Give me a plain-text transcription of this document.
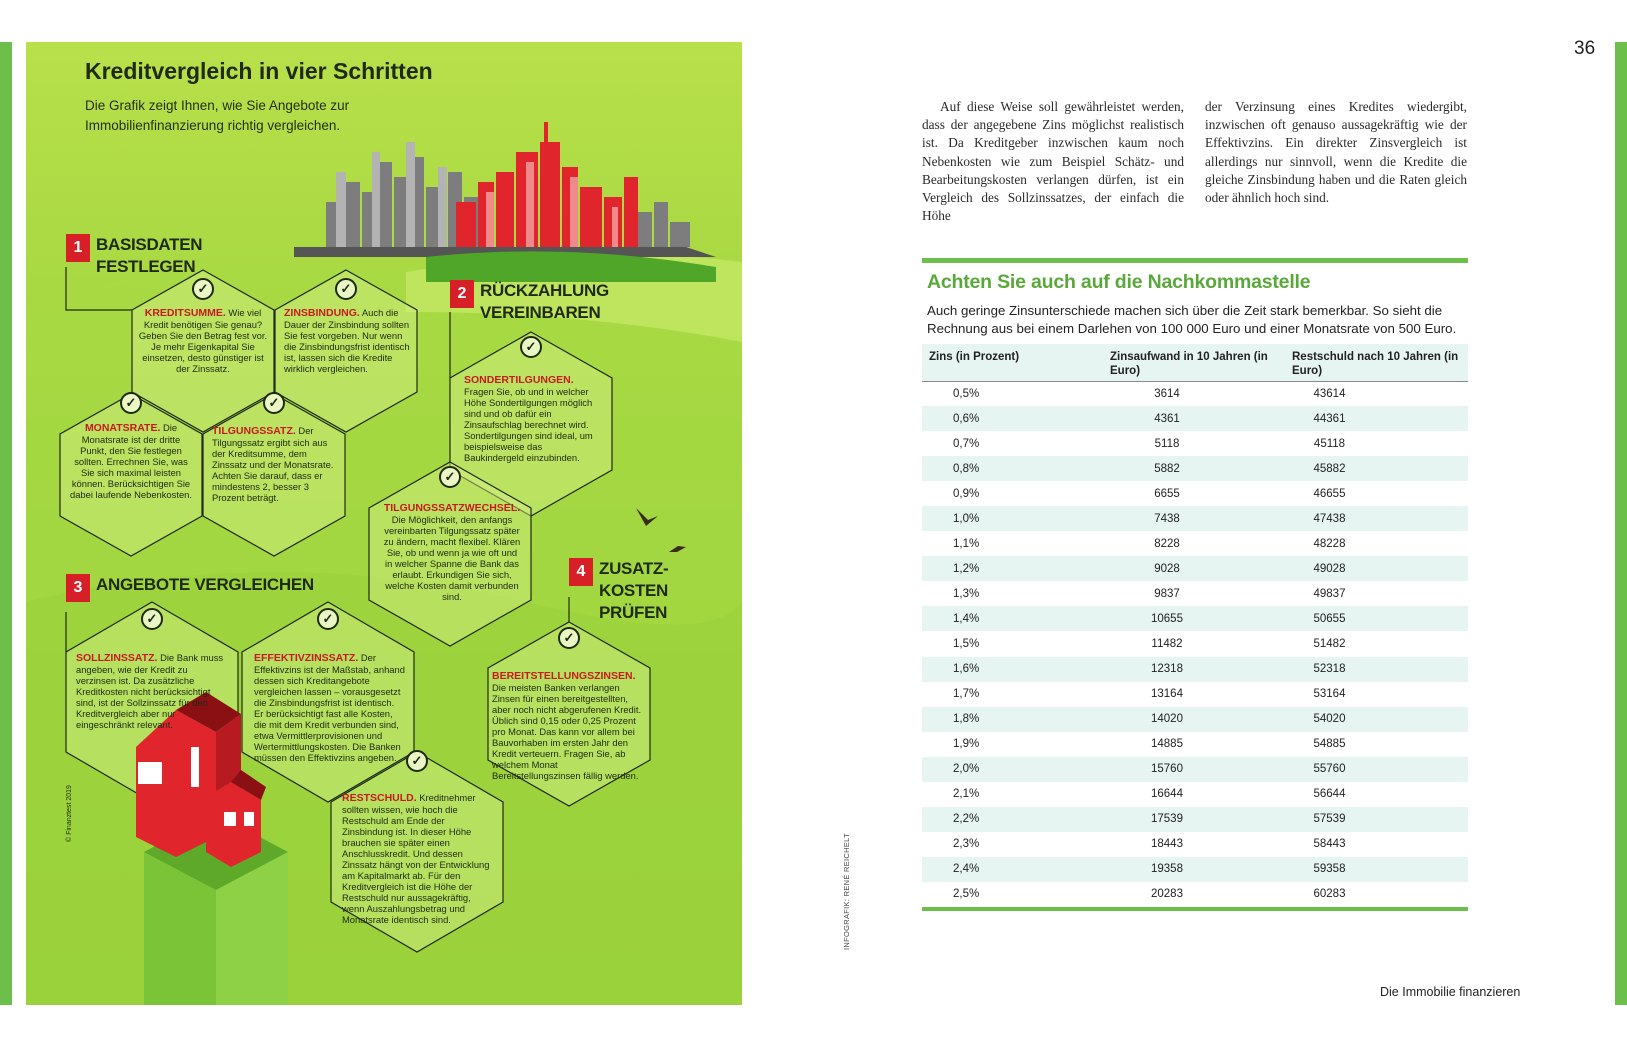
Kreditvergleich in vier Schritten
Die Grafik zeigt Ihnen, wie Sie Angebote zur Immobilienfinanzierung richtig vergleichen.
1 BASISDATEN
FESTLEGEN
2 RÜCKZAHLUNG
VEREINBAREN
3 ANGEBOTE VERGLEICHEN
4 ZUSATZ-
KOSTEN
PRÜFEN
✓	✓
✓	✓
✓
✓
✓	✓
✓
✓
KREDITSUMME. Wie viel Kredit benötigen Sie genau? Geben Sie den Betrag fest vor. Je mehr Eigenkapital Sie einsetzen, desto günstiger ist der Zinssatz.
ZINSBINDUNG. Auch die Dauer der Zinsbindung sollten Sie fest vorgeben. Nur wenn die Zinsbindungsfrist identisch ist, lassen sich die Kredite wirklich vergleichen.
MONATSRATE. Die Monatsrate ist der dritte Punkt, den Sie festlegen sollten. Errechnen Sie, was Sie sich maximal leisten können. Berücksichtigen Sie dabei laufende Nebenkosten.
TILGUNGSSATZ. Der Tilgungssatz ergibt sich aus der Kreditsumme, dem Zinssatz und der Monatsrate. Achten Sie darauf, dass er mindestens 2, besser 3 Prozent beträgt.
SONDERTILGUNGEN. Fragen Sie, ob und in welcher Höhe Sondertilgungen möglich sind und ob dafür ein Zinsaufschlag berechnet wird. Sondertilgungen sind ideal, um beispielsweise das Baukindergeld einzubinden.
TILGUNGSSATZWECHSEL. Die Möglichkeit, den anfangs vereinbarten Tilgungssatz später zu ändern, macht flexibel. Klären Sie, ob und wenn ja wie oft und in welcher Spanne die Bank das erlaubt. Erkundigen Sie sich, welche Kosten damit verbunden sind.
SOLLZINSSATZ. Die Bank muss angeben, wie der Kredit zu verzinsen ist. Da zusätzliche Kreditkosten nicht berücksichtigt sind, ist der Sollzinssatz für den Kreditvergleich aber nur eingeschränkt relevant.
EFFEKTIVZINSSATZ. Der Effektivzins ist der Maßstab, anhand dessen sich Kreditangebote vergleichen lassen – vorausgesetzt die Zinsbindungsfrist ist identisch. Er berücksichtigt fast alle Kosten, die mit dem Kredit verbunden sind, etwa Vermittlerprovisionen und Wertermittlungskosten. Die Banken müssen den Effektivzins angeben.
BEREITSTELLUNGSZINSEN. Die meisten Banken verlangen Zinsen für einen bereitgestellten, aber noch nicht abgerufenen Kredit. Üblich sind 0,15 oder 0,25 Prozent pro Monat. Das kann vor allem bei Bauvorhaben im ersten Jahr den Kredit verteuern. Fragen Sie, ab welchem Monat Bereitstellungszinsen fällig werden.
RESTSCHULD. Kreditnehmer sollten wissen, wie hoch die Restschuld am Ende der Zinsbindung ist. In dieser Höhe brauchen sie später einen Anschlusskredit. Und dessen Zinssatz hängt von der Entwicklung am Kapitalmarkt ab. Für den Kreditvergleich ist die Höhe der Restschuld nur aussagekräftig, wenn Auszahlungsbetrag und Monatsrate identisch sind.
© Finanztest 2019
INFOGRAFIK: RENÉ REICHELT
36
Auf diese Weise soll gewährleistet werden, dass der angegebene Zins möglichst realistisch ist. Da Kreditgeber inzwischen kaum noch Nebenkosten wie zum Beispiel Schätz- und Bearbeitungskosten verlangen dürfen, ist ein Vergleich des Sollzinssatzes, der einfach die Höhe
der Verzinsung eines Kredites wiedergibt, inzwischen oft genauso aussagekräftig wie der Effektivzins. Ein direkter Zinsvergleich ist allerdings nur sinnvoll, wenn die Kredite die gleiche Zinsbindung haben und die Raten gleich oder ähnlich hoch sind.
Achten Sie auch auf die Nachkommastelle
Auch geringe Zinsunterschiede machen sich über die Zeit stark bemerkbar. So sieht die Rechnung aus bei einem Darlehen von 100 000 Euro und einer Monatsrate von 500 Euro.
Zins (in Prozent)	Zinsaufwand in 10 Jahren (in Euro)	Restschuld nach 10 Jahren (in Euro)
0,5%	3614	43614
0,6%	4361	44361
0,7%	5118	45118
0,8%	5882	45882
0,9%	6655	46655
1,0%	7438	47438
1,1%	8228	48228
1,2%	9028	49028
1,3%	9837	49837
1,4%	10655	50655
1,5%	11482	51482
1,6%	12318	52318
1,7%	13164	53164
1,8%	14020	54020
1,9%	14885	54885
2,0%	15760	55760
2,1%	16644	56644
2,2%	17539	57539
2,3%	18443	58443
2,4%	19358	59358
2,5%	20283	60283
Die Immobilie finanzieren
